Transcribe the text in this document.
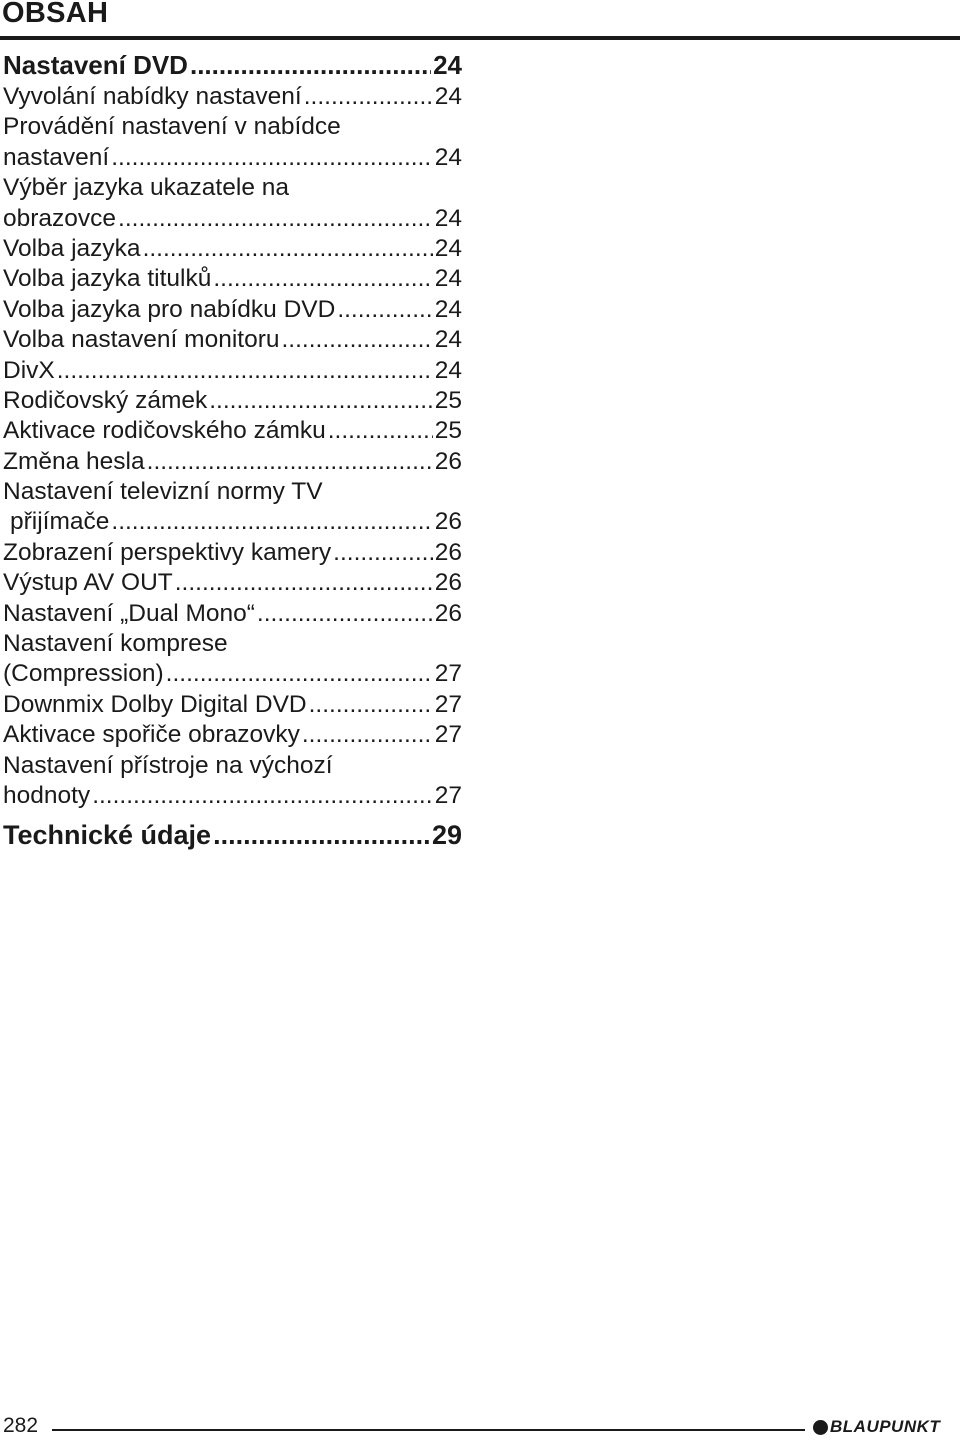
OBSAH
Nastavení DVD .....	24
Vyvolání nabídky nastavení .....	24
Provádění nastavení v nabídce
nastavení .....	24
Výběr jazyka ukazatele na
obrazovce .....	24
Volba jazyka .....	24
Volba jazyka titulků .....	24
Volba jazyka pro nabídku DVD .....	24
Volba nastavení monitoru .....	24
DivX .....	24
Rodičovský zámek .....	25
Aktivace rodičovského zámku .....	25
Změna hesla .....	26
Nastavení televizní normy TV
přijímače .....	26
Zobrazení perspektivy kamery .....	26
Výstup AV OUT .....	26
Nastavení „Dual Mono“ .....	26
Nastavení komprese
(Compression) .....	27
Downmix Dolby Digital DVD .....	27
Aktivace spořiče obrazovky .....	27
Nastavení přístroje na výchozí
hodnoty .....	27
Technické údaje .....	29
282	BLAUPUNKT
